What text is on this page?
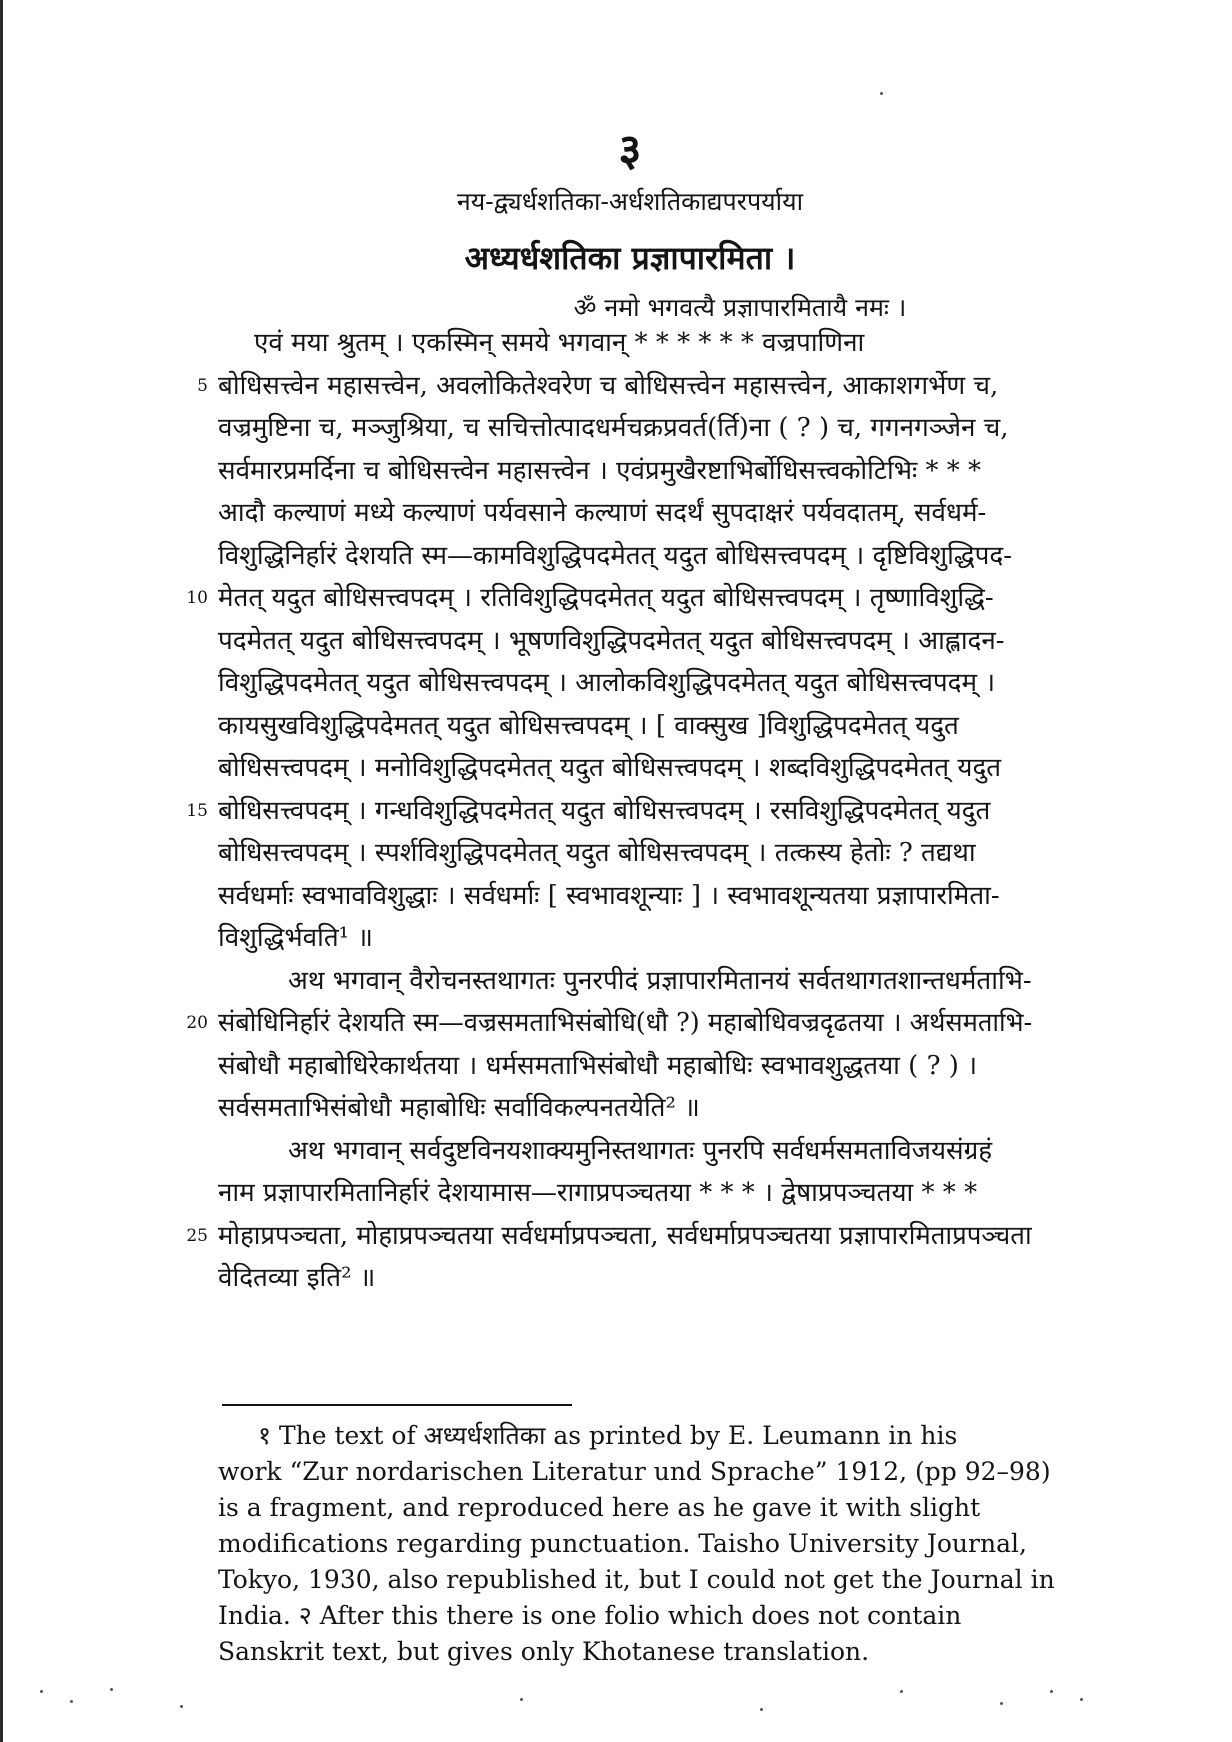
३
नय-द्व्यर्धशतिका-अर्धशतिकाद्यपरपर्याया
अध्यर्धशतिका प्रज्ञापारमिता ।
ॐ नमो भगवत्यै प्रज्ञापारमितायै नमः ।
एवं मया श्रुतम् । एकस्मिन् समये भगवान् * * * * * * वज्रपाणिना
5 बोधिसत्त्वेन महासत्त्वेन, अवलोकितेश्वरेण च बोधिसत्त्वेन महासत्त्वेन, आकाशगर्भेण च,
वज्रमुष्टिना च, मञ्जुश्रिया, च सचित्तोत्पादधर्मचक्रप्रवर्त(र्ति)ना ( ? ) च, गगनगञ्जेन च,
सर्वमारप्रमर्दिना च बोधिसत्त्वेन महासत्त्वेन । एवंप्रमुखैरष्टाभिर्बोधिसत्त्वकोटिभिः * * *
आदौ कल्याणं मध्ये कल्याणं पर्यवसाने कल्याणं सदर्थं सुपदाक्षरं पर्यवदातम्, सर्वधर्म-
विशुद्धिनिर्हारं देशयति स्म—कामविशुद्धिपदमेतत् यदुत बोधिसत्त्वपदम् । दृष्टिविशुद्धिपद-
10 मेतत् यदुत बोधिसत्त्वपदम् । रतिविशुद्धिपदमेतत् यदुत बोधिसत्त्वपदम् । तृष्णाविशुद्धि-
पदमेतत् यदुत बोधिसत्त्वपदम् । भूषणविशुद्धिपदमेतत् यदुत बोधिसत्त्वपदम् । आह्लादन-
विशुद्धिपदमेतत् यदुत बोधिसत्त्वपदम् । आलोकविशुद्धिपदमेतत् यदुत बोधिसत्त्वपदम् ।
कायसुखविशुद्धिपदेमतत् यदुत बोधिसत्त्वपदम् । [ वाक्सुख ]विशुद्धिपदमेतत् यदुत
बोधिसत्त्वपदम् । मनोविशुद्धिपदमेतत् यदुत बोधिसत्त्वपदम् । शब्दविशुद्धिपदमेतत् यदुत
15 बोधिसत्त्वपदम् । गन्धविशुद्धिपदमेतत् यदुत बोधिसत्त्वपदम् । रसविशुद्धिपदमेतत् यदुत
बोधिसत्त्वपदम् । स्पर्शविशुद्धिपदमेतत् यदुत बोधिसत्त्वपदम् । तत्कस्य हेतोः ? तद्यथा
सर्वधर्माः स्वभावविशुद्धाः । सर्वधर्माः [ स्वभावशून्याः ] । स्वभावशून्यतया प्रज्ञापारमिता-
विशुद्धिर्भवति¹ ॥
अथ भगवान् वैरोचनस्तथागतः पुनरपीदं प्रज्ञापारमितानयं सर्वतथागतशान्तधर्मताभि-
20 संबोधिनिर्हारं देशयति स्म—वज्रसमताभिसंबोधि(धौ ?) महाबोधिवज्रदृढतया । अर्थसमताभि-
संबोधौ महाबोधिरेकार्थतया । धर्मसमताभिसंबोधौ महाबोधिः स्वभावशुद्धतया ( ? ) ।
सर्वसमताभिसंबोधौ महाबोधिः सर्वाविकल्पनतयेति² ॥
अथ भगवान् सर्वदुष्टविनयशाक्यमुनिस्तथागतः पुनरपि सर्वधर्मसमताविजयसंग्रहं
नाम प्रज्ञापारमितानिर्हारं देशयामास—रागाप्रपञ्चतया * * * । द्वेषाप्रपञ्चतया * * *
25 मोहाप्रपञ्चता, मोहाप्रपञ्चतया सर्वधर्माप्रपञ्चता, सर्वधर्माप्रपञ्चतया प्रज्ञापारमिताप्रपञ्चता
वेदितव्या इति² ॥
१ The text of अध्यर्धशतिका as printed by E. Leumann in his
work “Zur nordarischen Literatur und Sprache” 1912, (pp 92–98)
is a fragment, and reproduced here as he gave it with slight
modifications regarding punctuation. Taisho University Journal,
Tokyo, 1930, also republished it, but I could not get the Journal in
India. २ After this there is one folio which does not contain
Sanskrit text, but gives only Khotanese translation.
